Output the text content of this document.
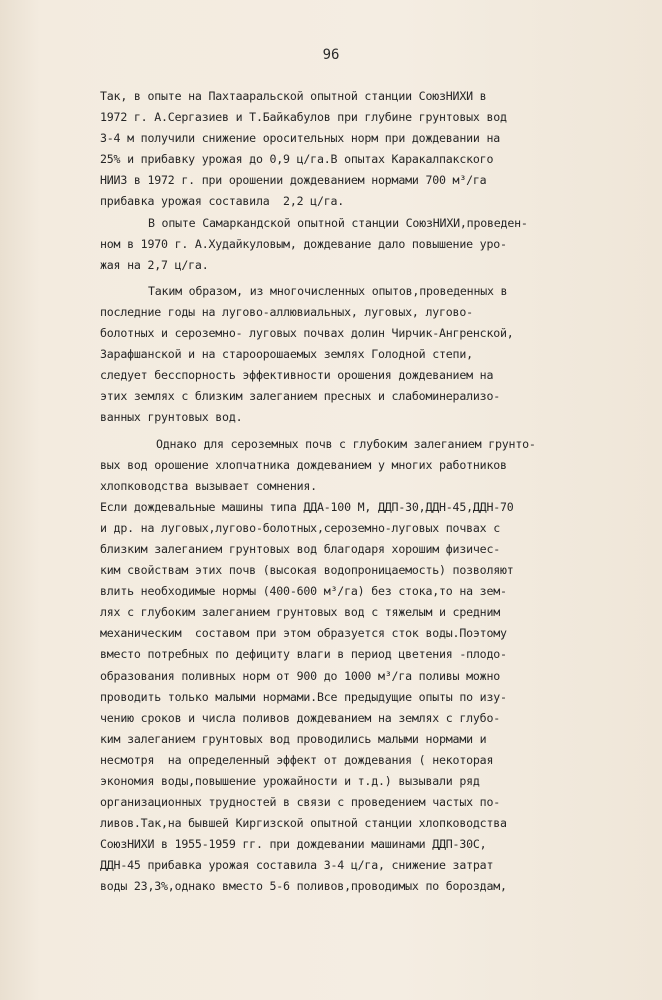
96
Так, в опыте на Пахтааральской опытной станции СоюзНИХИ в
1972 г. А.Сергазиев и Т.Байкабулов при глубине грунтовых вод
3-4 м получили снижение оросительных норм при дождевании на
25% и прибавку урожая до 0,9 ц/га.В опытах Каракалпакского
НИИЗ в 1972 г. при орошении дождеванием нормами 700 м³/га
прибавка урожая составила  2,2 ц/га.
В опыте Самаркандской опытной станции СоюзНИХИ,проведен-
ном в 1970 г. А.Худайкуловым, дождевание дало повышение уро-
жая на 2,7 ц/га.
Таким образом, из многочисленных опытов,проведенных в
последние годы на лугово-аллювиальных, луговых, лугово-
болотных и сероземно- луговых почвах долин Чирчик-Ангренской,
Зарафшанской и на староорошаемых землях Голодной степи,
следует бесспорность эффективности орошения дождеванием на
этих землях с близким залеганием пресных и слабоминерализо-
ванных грунтовых вод.
Однако для сероземных почв с глубоким залеганием грунто-
вых вод орошение хлопчатника дождеванием у многих работников
хлопководства вызывает сомнения.
Если дождевальные машины типа ДДА-100 М, ДДП-30,ДДН-45,ДДН-70
и др. на луговых,лугово-болотных,сероземно-луговых почвах с
близким залеганием грунтовых вод благодаря хорошим физичес-
ким свойствам этих почв (высокая водопроницаемость) позволяют
влить необходимые нормы (400-600 м³/га) без стока,то на зем-
лях с глубоким залеганием грунтовых вод с тяжелым и средним
механическим  составом при этом образуется сток воды.Поэтому
вместо потребных по дефициту влаги в период цветения -плодо-
образования поливных норм от 900 до 1000 м³/га поливы можно
проводить только малыми нормами.Все предыдущие опыты по изу-
чению сроков и числа поливов дождеванием на землях с глубо-
ким залеганием грунтовых вод проводились малыми нормами и
несмотря  на определенный эффект от дождевания ( некоторая
экономия воды,повышение урожайности и т.д.) вызывали ряд
организационных трудностей в связи с проведением частых по-
ливов.Так,на бывшей Киргизской опытной станции хлопководства
СоюзНИХИ в 1955-1959 гг. при дождевании машинами ДДП-30С,
ДДН-45 прибавка урожая составила 3-4 ц/га, снижение затрат
воды 23,3%,однако вместо 5-6 поливов,проводимых по бороздам,
